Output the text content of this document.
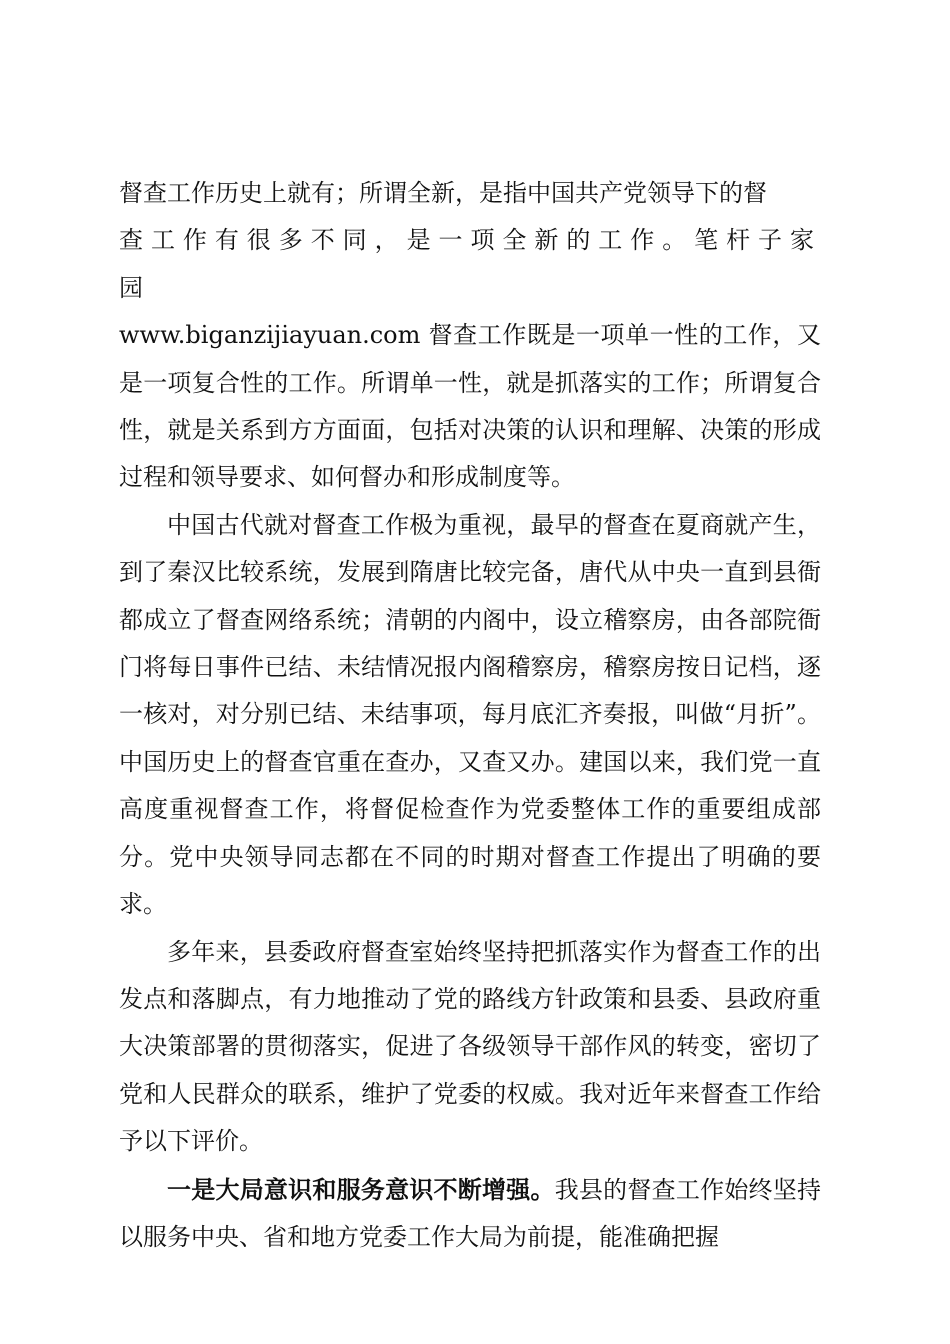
督查工作历史上就有；所谓全新，是指中国共产党领导下的督

查工作有很多不同，是一项全新的工作。笔杆子家园

www.biganzijiayuan.com 督查工作既是一项单一性的工作，又是一项复合性的工作。所谓单一性，就是抓落实的工作；所谓复合性，就是关系到方方面面，包括对决策的认识和理解、决策的形成过程和领导要求、如何督办和形成制度等。

中国古代就对督查工作极为重视，最早的督查在夏商就产生，到了秦汉比较系统，发展到隋唐比较完备，唐代从中央一直到县衙都成立了督查网络系统；清朝的内阁中，设立稽察房，由各部院衙门将每日事件已结、未结情况报内阁稽察房，稽察房按日记档，逐一核对，对分别已结、未结事项，每月底汇齐奏报，叫做“月折”。中国历史上的督查官重在查办，又查又办。建国以来，我们党一直高度重视督查工作，将督促检查作为党委整体工作的重要组成部分。党中央领导同志都在不同的时期对督查工作提出了明确的要求。

多年来，县委政府督查室始终坚持把抓落实作为督查工作的出发点和落脚点，有力地推动了党的路线方针政策和县委、县政府重大决策部署的贯彻落实，促进了各级领导干部作风的转变，密切了党和人民群众的联系，维护了党委的权威。我对近年来督查工作给予以下评价。

一是大局意识和服务意识不断增强。我县的督查工作始终坚持以服务中央、省和地方党委工作大局为前提，能准确把握
